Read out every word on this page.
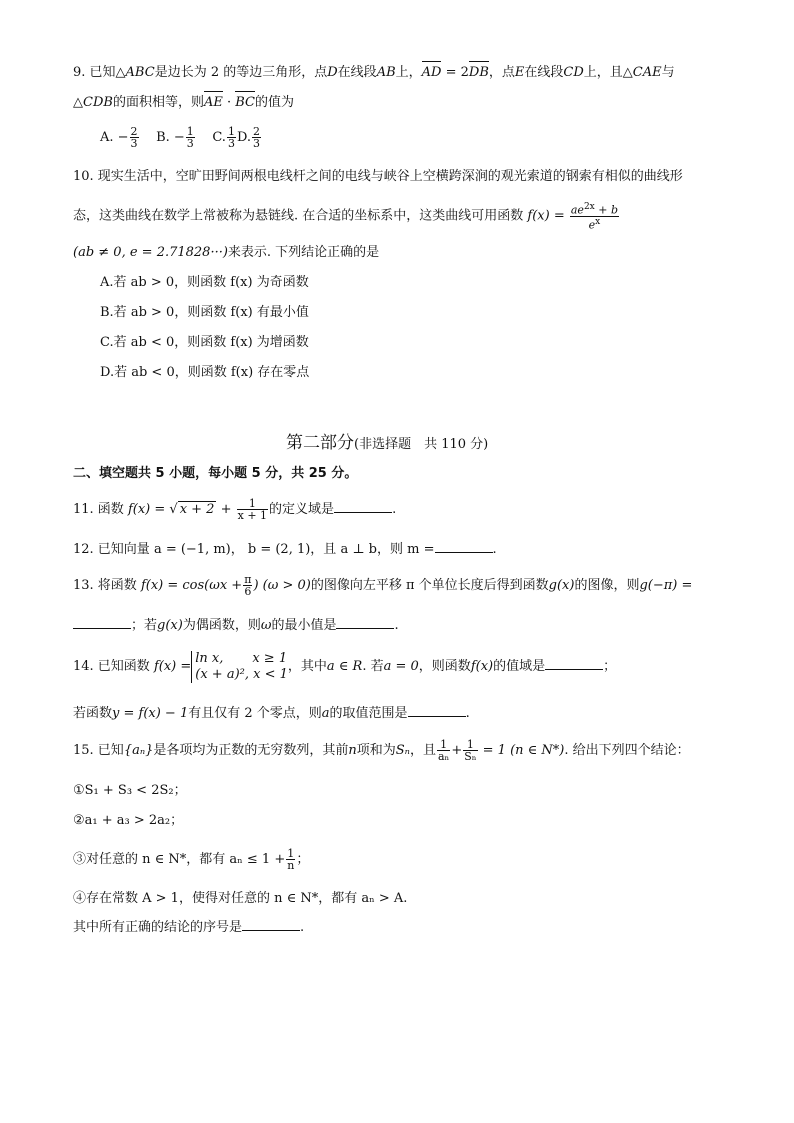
9. 已知△ABC是边长为 2 的等边三角形，点D在线段AB上，AD = 2DB，点E在线段CD上，且△CAE与
△CDB的面积相等，则AE · BC的值为
A. − $\frac{2}{3} B$. − $\frac{1}{3} C$. $\frac{1}{3} D$. $\frac{2}{3}$
10. 现实生活中，空旷田野间两根电线杆之间的电线与峡谷上空横跨深涧的观光索道的钢索有相似的曲线形
态，这类曲线在数学上常被称为悬链线. 在合适的坐标系中，这类曲线可用函数 $f(x) = \frac{ae^{2x} + b}{e^x}$
(ab ≠ 0, e = 2.71828···)来表示. 下列结论正确的是
A.若 ab > 0，则函数 f(x) 为奇函数
B.若 ab > 0，则函数 f(x) 有最小值
C.若 ab < 0，则函数 f(x) 为增函数
D.若 ab < 0，则函数 f(x) 存在零点
第二部分(非选择题　共 110 分)
二、填空题共 5 小题，每小题 5 分，共 25 分。
11. 函数 f(x) = √ $x + 2 + \frac{1}{x + 1}$ 的定义域是	.
12. 已知向量 a = (−1, m)， b = (2, 1)，且 a ⊥ b，则 m =	.
13. 将函数 $f(x) = \cos(\omega x + \frac{\pi}{6}$ ) (ω > 0)的图像向左平移 π 个单位长度后得到函数g(x)的图像，则g(−π) =
；若g(x)为偶函数，则ω的最小值是	.
14. 已知函数 f(x) =ln x, x ≥ 1
(x + a)², x < 1，其中a ∈ R. 若a = 0，则函数f(x)的值域是	；
若函数y = f(x) − 1有且仅有 2 个零点，则a的取值范围是	.
15. 已知{aₙ}是各项均为正数的无穷数列，其前n项和为Sₙ，且 $\frac{1}{\text{aₙ}} + \frac{1}{\text{Sₙ}} = 1$ (n ∈ N*). 给出下列四个结论：
①S₁ + S₃ < 2S₂；
②a₁ + a₃ > 2a₂；
③对任意的 n ∈ N*，都有 $a_n \le 1 + \frac{1}{n}$ ；
④存在常数 A > 1，使得对任意的 n ∈ N*，都有 aₙ > A.
其中所有正确的结论的序号是	.
